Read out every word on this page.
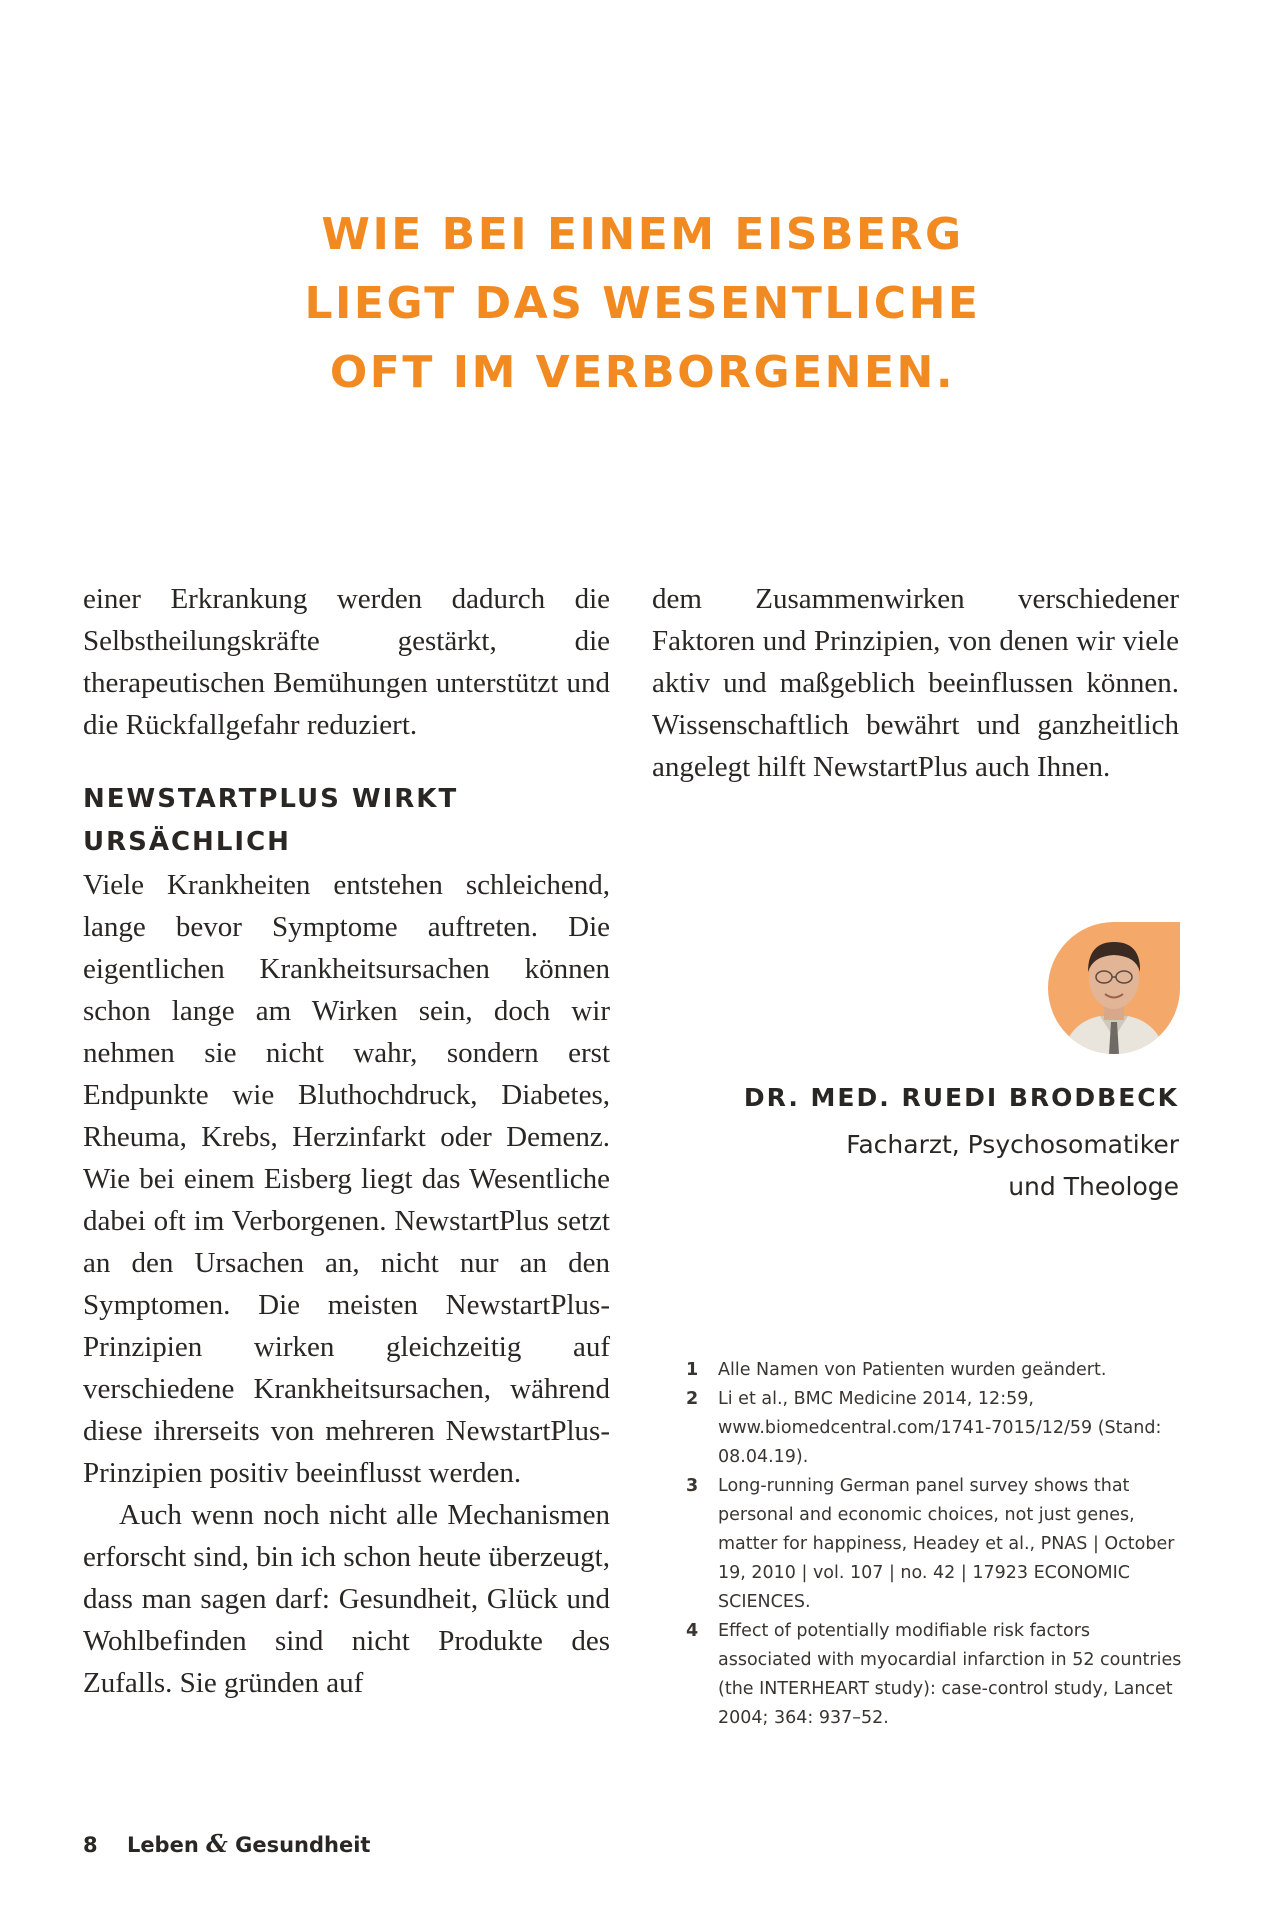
WIE BEI EINEM EISBERG
LIEGT DAS WESENTLICHE
OFT IM VERBORGENEN.

einer Erkrankung werden dadurch die Selbstheilungskräfte gestärkt, die therapeutischen Bemühungen unterstützt und die Rückfallgefahr reduziert.

NEWSTARTPLUS WIRKT URSÄCHLICH

Viele Krankheiten entstehen schleichend, lange bevor Symptome auftreten. Die eigentlichen Krankheitsursachen können schon lange am Wirken sein, doch wir nehmen sie nicht wahr, sondern erst Endpunkte wie Bluthochdruck, Diabetes, Rheuma, Krebs, Herzinfarkt oder Demenz. Wie bei einem Eisberg liegt das Wesentliche dabei oft im Verborgenen. NewstartPlus setzt an den Ursachen an, nicht nur an den Symptomen. Die meisten NewstartPlus-Prinzipien wirken gleichzeitig auf verschiedene Krankheitsursachen, während diese ihrerseits von mehreren NewstartPlus-Prinzipien positiv beeinflusst werden.

Auch wenn noch nicht alle Mechanismen erforscht sind, bin ich schon heute überzeugt, dass man sagen darf: Gesundheit, Glück und Wohlbefinden sind nicht Produkte des Zufalls. Sie gründen auf

dem Zusammenwirken verschiedener Faktoren und Prinzipien, von denen wir viele aktiv und maßgeblich beeinflussen können. Wissenschaftlich bewährt und ganzheitlich angelegt hilft NewstartPlus auch Ihnen.

DR. MED. RUEDI BRODBECK
Facharzt, Psychosomatiker
und Theologe
1	Alle Namen von Patienten wurden geändert.
2	Li et al., BMC Medicine 2014, 12:59, www.biomedcentral.com/1741-7015/12/59 (Stand: 08.04.19).
3	Long-running German panel survey shows that personal and economic choices, not just genes, matter for happiness, Headey et al., PNAS | October 19, 2010 | vol. 107 | no. 42 | 17923 ECONOMIC SCIENCES.
4	Effect of potentially modifiable risk factors associated with myocardial infarction in 52 countries (the INTERHEART study): case-control study, Lancet 2004; 364: 937–52.
8 Leben & Gesundheit
